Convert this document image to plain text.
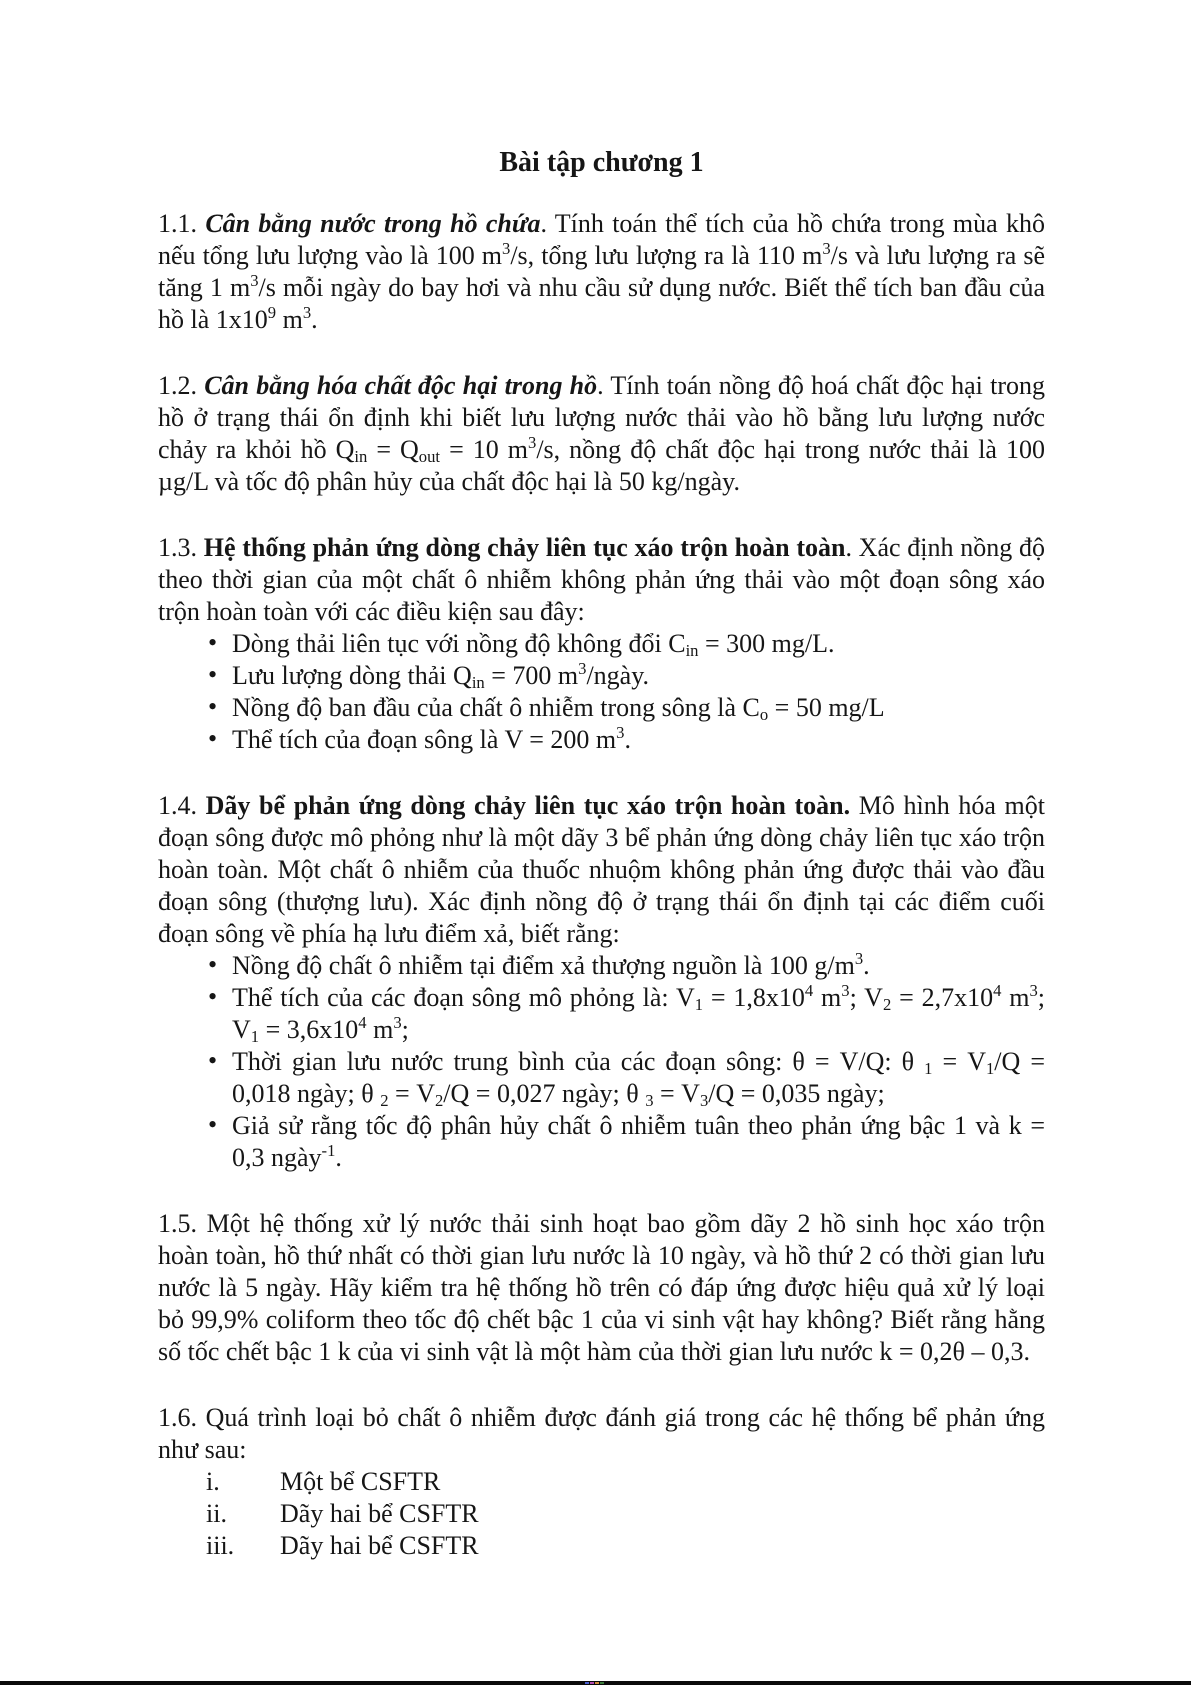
Bài tập chương 1
1.1. Cân bằng nước trong hồ chứa. Tính toán thể tích của hồ chứa trong mùa khô nếu tổng lưu lượng vào là 100 $m^3/s$, tổng lưu lượng ra là 110 $m^3/s$ và lưu lượng ra sẽ tăng 1 $m^3/s$ mỗi ngày do bay hơi và nhu cầu sử dụng nước. Biết thể tích ban đầu của hồ là $1x10^9$ $m^3$.
1.2. Cân bằng hóa chất độc hại trong hồ. Tính toán nồng độ hoá chất độc hại trong hồ ở trạng thái ổn định khi biết lưu lượng nước thải vào hồ bằng lưu lượng nước chảy ra khỏi hồ $Q_{in} = Q_{out} = 10$ $m^3/s$, nồng độ chất độc hại trong nước thải là 100 µg/L và tốc độ phân hủy của chất độc hại là 50 kg/ngày.
1.3. Hệ thống phản ứng dòng chảy liên tục xáo trộn hoàn toàn. Xác định nồng độ theo thời gian của một chất ô nhiễm không phản ứng thải vào một đoạn sông xáo trộn hoàn toàn với các điều kiện sau đây:
• Dòng thải liên tục với nồng độ không đổi $C_{in} = 300$ mg/L.
• Lưu lượng dòng thải $Q_{in} = 700$ $m^3$/ngày.
• Nồng độ ban đầu của chất ô nhiễm trong sông là $C_o = 50$ mg/L
• Thể tích của đoạn sông là V = 200 $m^3$.
1.4. Dãy bể phản ứng dòng chảy liên tục xáo trộn hoàn toàn. Mô hình hóa một đoạn sông được mô phỏng như là một dãy 3 bể phản ứng dòng chảy liên tục xáo trộn hoàn toàn. Một chất ô nhiễm của thuốc nhuộm không phản ứng được thải vào đầu đoạn sông (thượng lưu). Xác định nồng độ ở trạng thái ổn định tại các điểm cuối đoạn sông về phía hạ lưu điểm xả, biết rằng:
• Nồng độ chất ô nhiễm tại điểm xả thượng nguồn là 100 $g/m^3$.
• Thể tích của các đoạn sông mô phỏng là: $V_1 = 1,8x10^4$ $m^3$; $V_2 = 2,7x10^4$ $m^3$; $V_1 = 3,6x10^4$ $m^3$;
• Thời gian lưu nước trung bình của các đoạn sông: θ = V/Q: θ $_1 = V_1/Q = 0,018$ ngày; θ $_2 = V_2/Q = 0,027$ ngày; θ $_3 = V_3/Q = 0,035$ ngày;
• Giả sử rằng tốc độ phân hủy chất ô nhiễm tuân theo phản ứng bậc 1 và k = 0,3 ngày$^{-1}$.
1.5. Một hệ thống xử lý nước thải sinh hoạt bao gồm dãy 2 hồ sinh học xáo trộn hoàn toàn, hồ thứ nhất có thời gian lưu nước là 10 ngày, và hồ thứ 2 có thời gian lưu nước là 5 ngày. Hãy kiểm tra hệ thống hồ trên có đáp ứng được hiệu quả xử lý loại bỏ 99,9% coliform theo tốc độ chết bậc 1 của vi sinh vật hay không? Biết rằng hằng số tốc chết bậc 1 k của vi sinh vật là một hàm của thời gian lưu nước k = 0,2θ – 0,3.
1.6. Quá trình loại bỏ chất ô nhiễm được đánh giá trong các hệ thống bể phản ứng như sau:
i. Một bể CSFTR
ii. Dãy hai bể CSFTR
iii. Dãy hai bể CSFTR
